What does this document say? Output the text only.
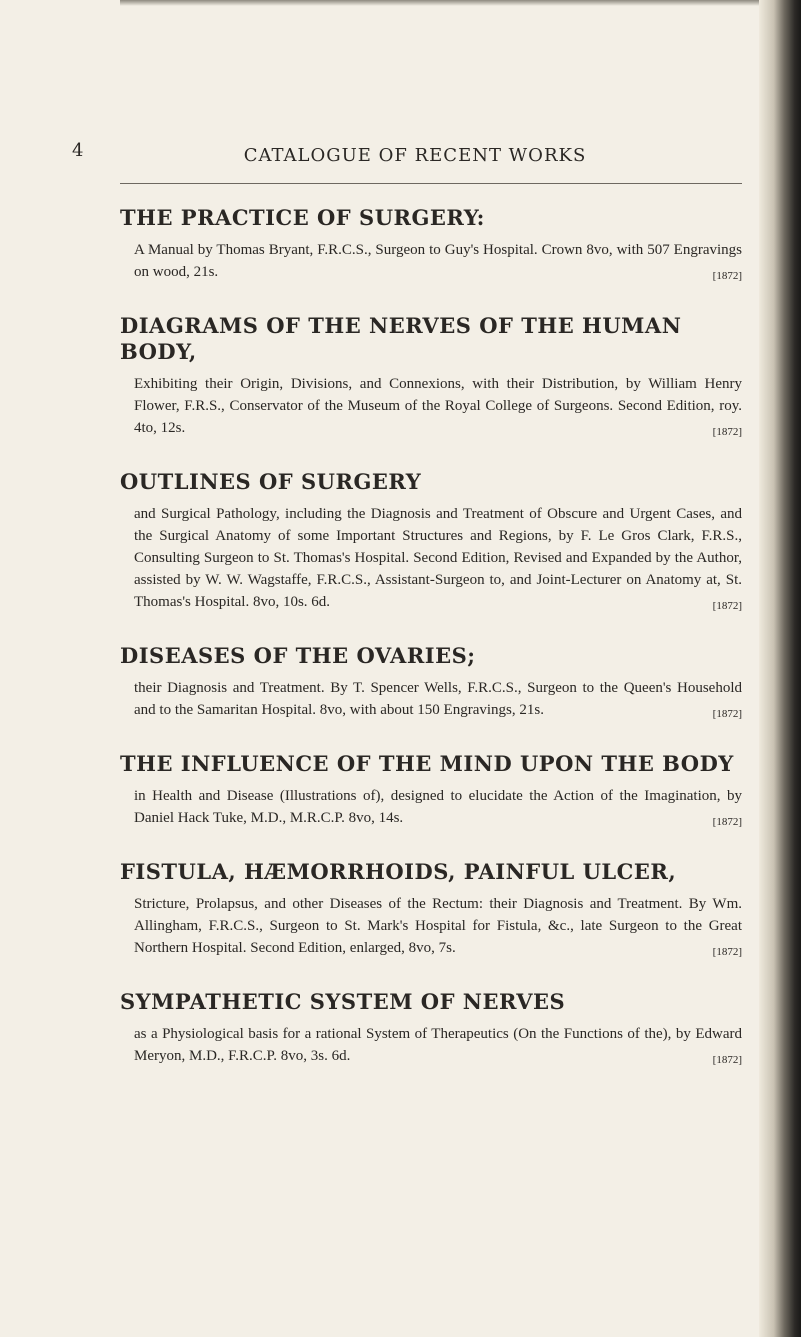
4	CATALOGUE OF RECENT WORKS
THE PRACTICE OF SURGERY:

A Manual by Thomas Bryant, F.R.C.S., Surgeon to Guy's Hospital. Crown 8vo, with 507 Engravings on wood, 21s.	[1872]

DIAGRAMS OF THE NERVES OF THE HUMAN BODY,

Exhibiting their Origin, Divisions, and Connexions, with their Distribution, by William Henry Flower, F.R.S., Conservator of the Museum of the Royal College of Surgeons. Second Edition, roy. 4to, 12s.	[1872]

OUTLINES OF SURGERY

and Surgical Pathology, including the Diagnosis and Treatment of Obscure and Urgent Cases, and the Surgical Anatomy of some Important Structures and Regions, by F. Le Gros Clark, F.R.S., Consulting Surgeon to St. Thomas's Hospital. Second Edition, Revised and Expanded by the Author, assisted by W. W. Wagstaffe, F.R.C.S., Assistant-Surgeon to, and Joint-Lecturer on Anatomy at, St. Thomas's Hospital. 8vo, 10s. 6d.	[1872]

DISEASES OF THE OVARIES;

their Diagnosis and Treatment. By T. Spencer Wells, F.R.C.S., Surgeon to the Queen's Household and to the Samaritan Hospital. 8vo, with about 150 Engravings, 21s.	[1872]

THE INFLUENCE OF THE MIND UPON THE BODY

in Health and Disease (Illustrations of), designed to elucidate the Action of the Imagination, by Daniel Hack Tuke, M.D., M.R.C.P. 8vo, 14s.	[1872]

FISTULA, HÆMORRHOIDS, PAINFUL ULCER,

Stricture, Prolapsus, and other Diseases of the Rectum: their Diagnosis and Treatment. By Wm. Allingham, F.R.C.S., Surgeon to St. Mark's Hospital for Fistula, &c., late Surgeon to the Great Northern Hospital. Second Edition, enlarged, 8vo, 7s.	[1872]

SYMPATHETIC SYSTEM OF NERVES

as a Physiological basis for a rational System of Therapeutics (On the Functions of the), by Edward Meryon, M.D., F.R.C.P. 8vo, 3s. 6d.	[1872]
